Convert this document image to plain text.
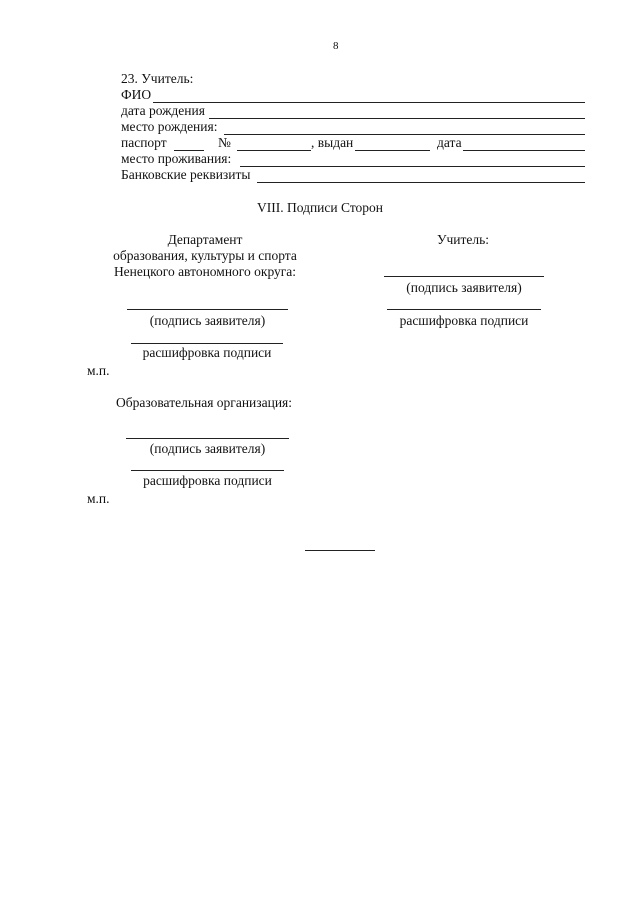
8
23. Учитель:
ФИО
дата рождения
место рождения:
паспорт	№	, выдан	дата
место проживания:
Банковские реквизиты
VIII. Подписи Сторон
Департамент
образования, культуры и спорта
Ненецкого автономного округа:
(подпись заявителя)
расшифровка подписи
м.п.
Учитель:
(подпись заявителя)
расшифровка подписи
Образовательная организация:
(подпись заявителя)
расшифровка подписи
м.п.
